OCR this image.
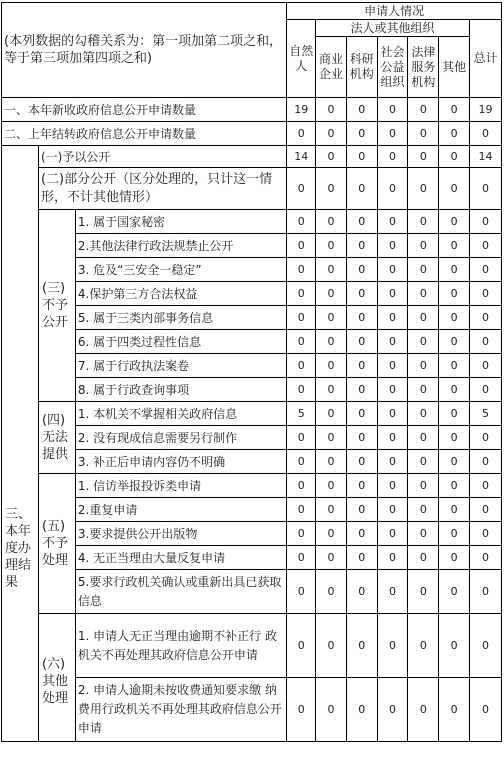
(本列数据的勾稽关系为：第一项加第二项之和，等于第三项加第四项之和)			申请人情况						
			自然人	法人或其他组织					总计
				商业企业	科研机构	社会公益组织	法律服务机构	其他	
一、本年新收政府信息公开申请数量			19	0	0	0	0	0	19
二、上年结转政府信息公开申请数量			0	0	0	0	0	0	0
三、本年度办理结果	(一)予以公开		14	0	0	0	0	0	14
	(二)部分公开（区分处理的，只计这一情形，不计其他情形）		0	0	0	0	0	0	0
	(三)不予公开	1. 属于国家秘密	0	0	0	0	0	0	0
		2.其他法律行政法规禁止公开	0	0	0	0	0	0	0
		3. 危及“三安全一稳定”	0	0	0	0	0	0	0
		4.保护第三方合法权益	0	0	0	0	0	0	0
		5. 属于三类内部事务信息	0	0	0	0	0	0	0
		6. 属于四类过程性信息	0	0	0	0	0	0	0
		7. 属于行政执法案卷	0	0	0	0	0	0	0
		8. 属于行政查询事项	0	0	0	0	0	0	0
	(四)无法提供	1. 本机关不掌握相关政府信息	5	0	0	0	0	0	5
		2. 没有现成信息需要另行制作	0	0	0	0	0	0	0
		3. 补正后申请内容仍不明确	0	0	0	0	0	0	0
	(五)不予处理	1. 信访举报投诉类申请	0	0	0	0	0	0	0
		2.重复申请	0	0	0	0	0	0	0
		3.要求提供公开出版物	0	0	0	0	0	0	0
		4. 无正当理由大量反复申请	0	0	0	0	0	0	0
		5.要求行政机关确认或重新出具已获取信息	0	0	0	0	0	0	0
	(六)其他处理	1. 申请人无正当理由逾期不补正行 政机关不再处理其政府信息公开申请	0	0	0	0	0	0	0
		2. 申请人逾期未按收费通知要求缴 纳费用行政机关不再处理其政府信息公开申请	0	0	0	0	0	0	0
